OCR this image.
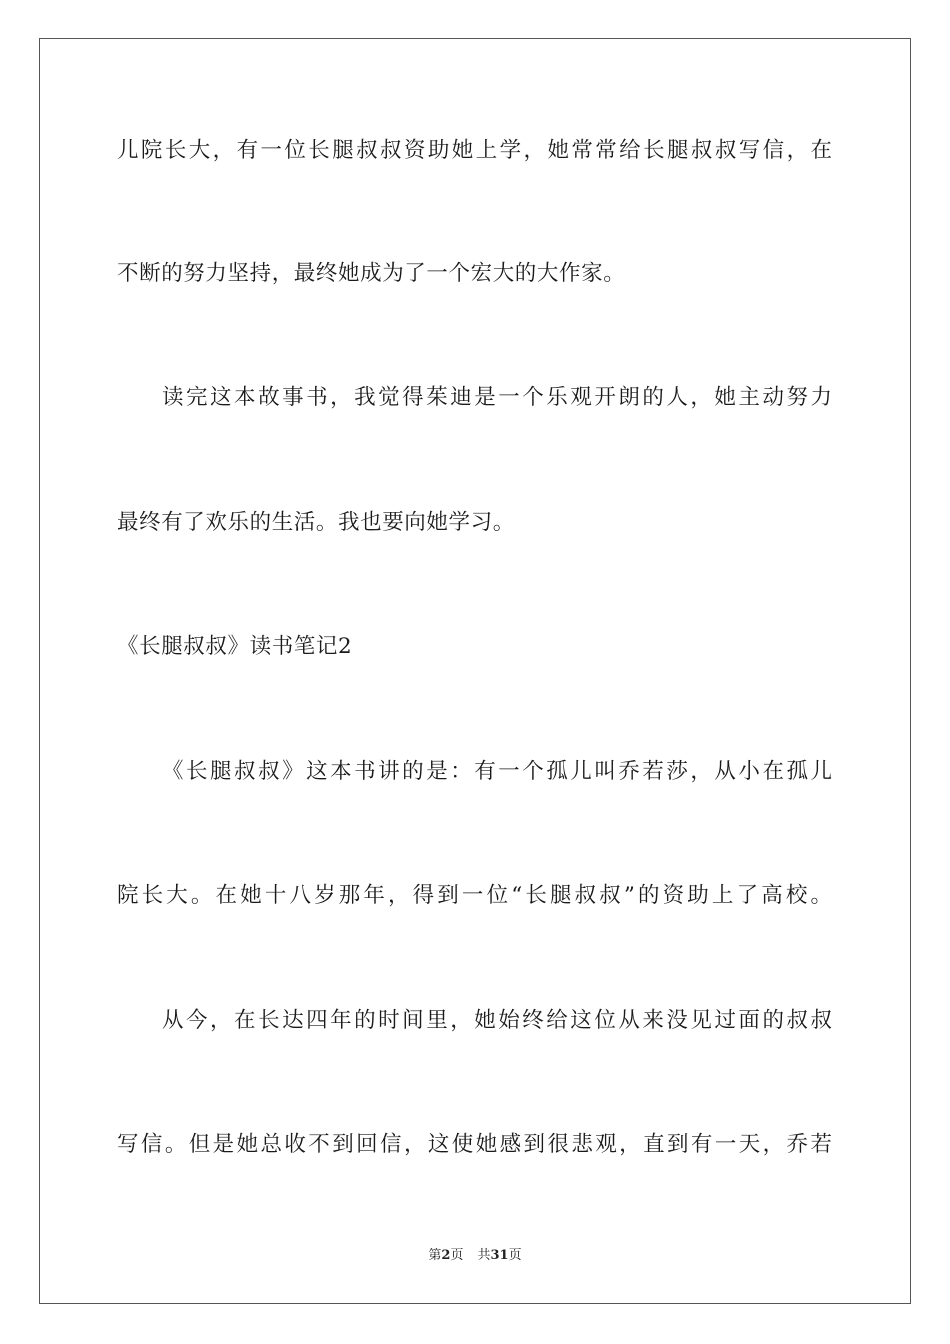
儿院长大，有一位长腿叔叔资助她上学，她常常给长腿叔叔写信，在
不断的努力坚持，最终她成为了一个宏大的大作家。
读完这本故事书，我觉得茱迪是一个乐观开朗的人，她主动努力
最终有了欢乐的生活。我也要向她学习。
《长腿叔叔》读书笔记2
《长腿叔叔》这本书讲的是：有一个孤儿叫乔若莎，从小在孤儿
院长大。在她十八岁那年，得到一位“长腿叔叔”的资助上了高校。
从今，在长达四年的时间里，她始终给这位从来没见过面的叔叔
写信。但是她总收不到回信，这使她感到很悲观，直到有一天，乔若
第2页 共31页
